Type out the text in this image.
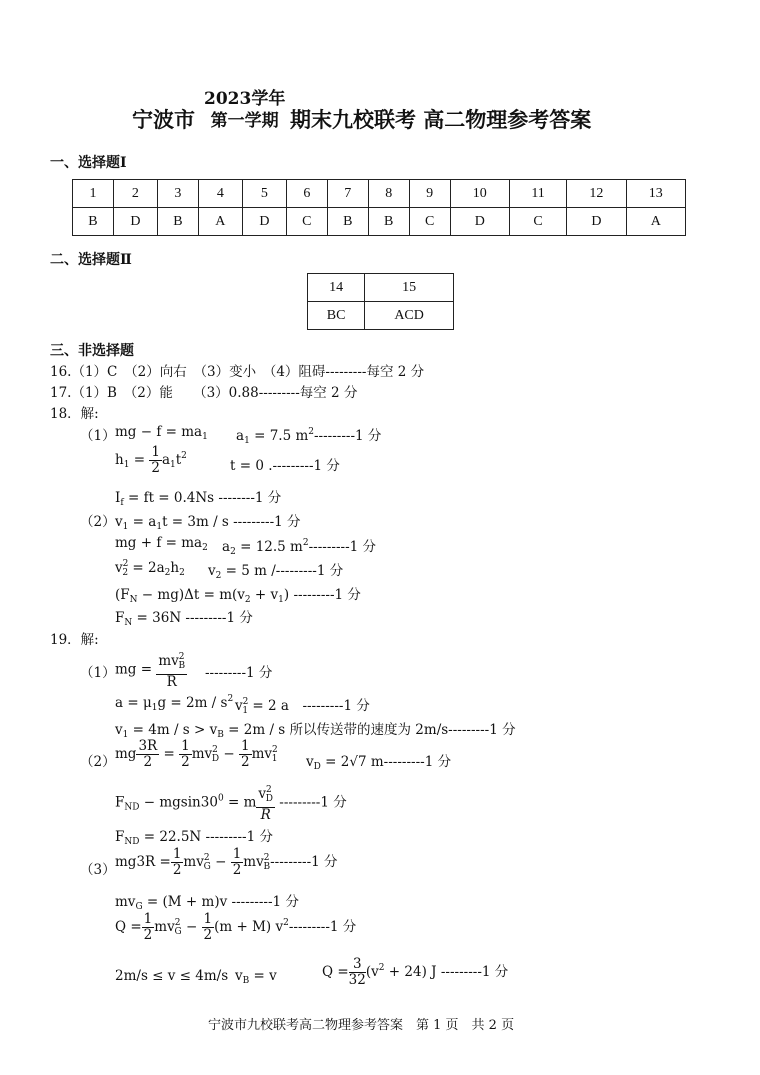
宁波市
2023学年
第一学期 期末九校联考 高二物理参考答案
一、选择题Ⅰ
1	2	3	4	5	6	7	8	9	10	11	12	13
B	D	B	A	D	C	B	B	C	D	C	D	A
二、选择题Ⅱ
14	15
BC	ACD
三、非选择题
16.（1）C　（2）向右　（3）变小　（4）阻碍---------每空 2 分
17.（1）B　（2）能　　（3）0.88---------每空 2 分
18．解:
（1） mg − $f = ma_1$ $a_1 = 7.5$ $m^2---------1$ 分
$h_1 = \frac{1}{2} a_1t^2$
t = 0 .---------1 分
$I_f$ = ft = 0.4Ns --------1 分
（2） $v_1 = a_1t = 3m / s$ ---------1 分
mg + $f = ma_2$ $a_2 = 12.5$ $m^2---------1$ 分
$v^2_2 = 2a_2h_2$ $v_2 = 5$ m /---------1 分
$(F_N - mg)\Delta t = m(v_2 + v_1)$ ---------1 分
$F_N = 36N$ ---------1 分
19．解:
（1） mg = $\frac{mv^2_B}{R} ---------1$ 分
$a = \mu_1g = 2m / s^2$ $v^2_1 = 2$ a　 ---------1 分
$v_1 = 4m / s > v_B = 2m / s$ 所以传送带的速度为 2m/s---------1 分
（2） mg $\frac{3R}{2} = \frac{1}{2} mv^2_D - \frac{1}{2} mv^2_1$ $v_D = 2√7$ m---------1 分
$F_{ND} - mgsin30^0 = m \frac{v^2_D}{R} ---------1$ 分
$F_{ND} = 22.5N$ ---------1 分
（3） $mg3R = \frac{1}{2} mv^2_G - \frac{1}{2} mv^2_B---------1$ 分
$mv_G = (M + m)v$ ---------1 分
$Q = \frac{1}{2} mv^2_G - \frac{1}{2} (m + M)$ $v^2---------1$ 分
2m/s ≤ v ≤ 4m/s $v_B = v$	$Q = \frac{3}{32} (v^2 + 24)$ J ---------1 分
宁波市九校联考高二物理参考答案　第 1 页　共 2 页
